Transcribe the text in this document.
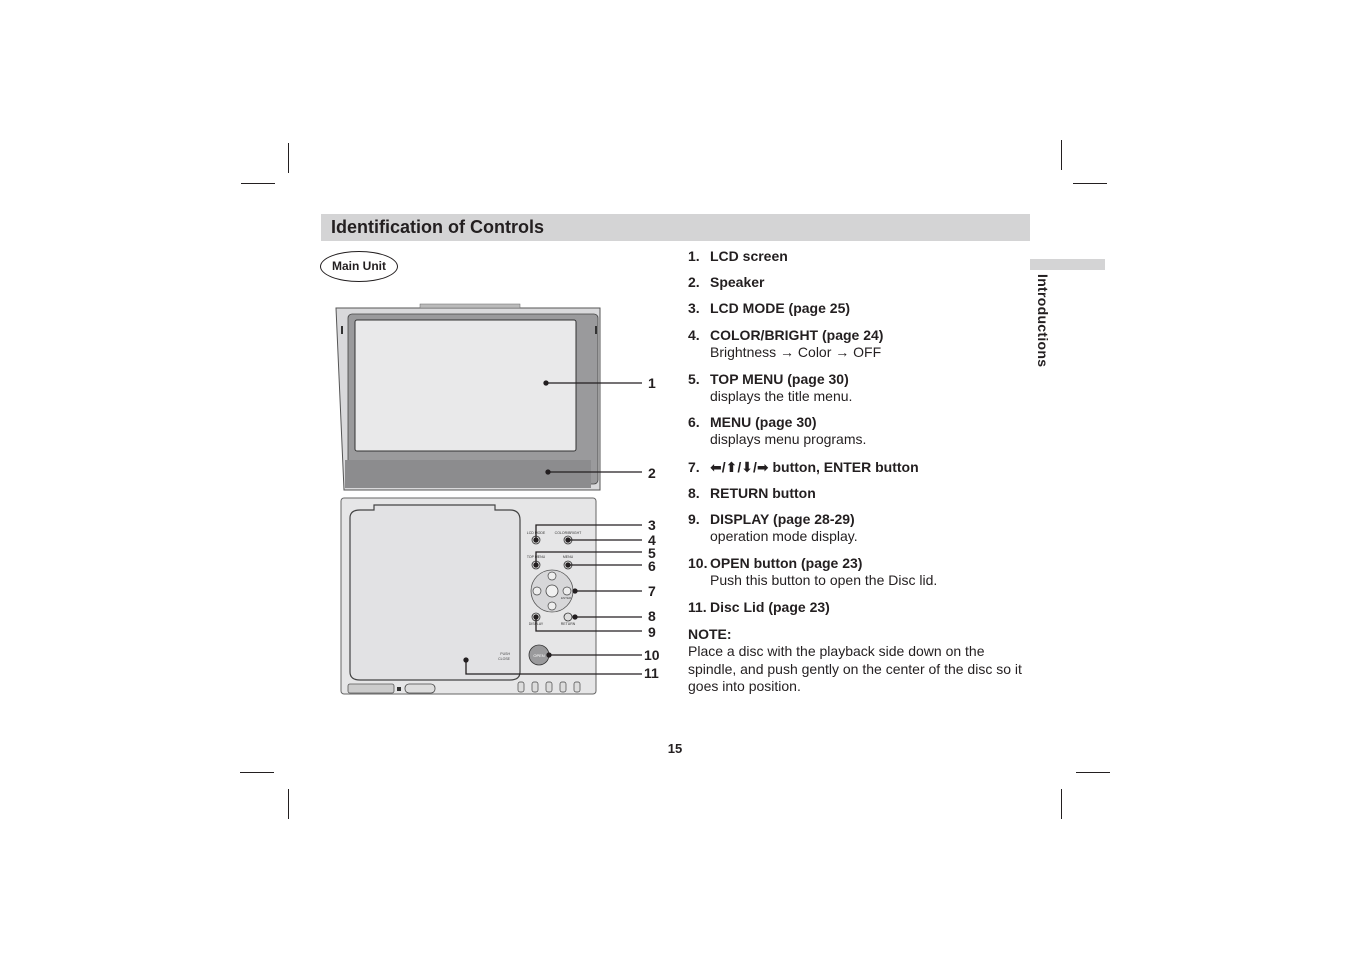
Identification of Controls
Main Unit
Introductions
PUSH
CLOSE
LCD MODE	COLOR/BRIGHT
TOP MENU	MENU
ENTER
DISPLAY	RETURN
OPEN
1
2
3
4
5
6
7
8
9
10
11
1. LCD screen
2. Speaker
3. LCD MODE (page 25)
4. COLOR/BRIGHT (page 24)
Brightness → Color → OFF
5. TOP MENU (page 30)
displays the title menu.
6. MENU (page 30)
displays menu programs.
7. ⬅/⬆/⬇/➡ button, ENTER button
8. RETURN button
9. DISPLAY (page 28-29)
operation mode display.
10. OPEN button (page 23)
Push this button to open the Disc lid.
11. Disc Lid (page 23)
NOTE:
Place a disc with the playback side down on the spindle, and push gently on the center of the disc so it goes into position.
15
